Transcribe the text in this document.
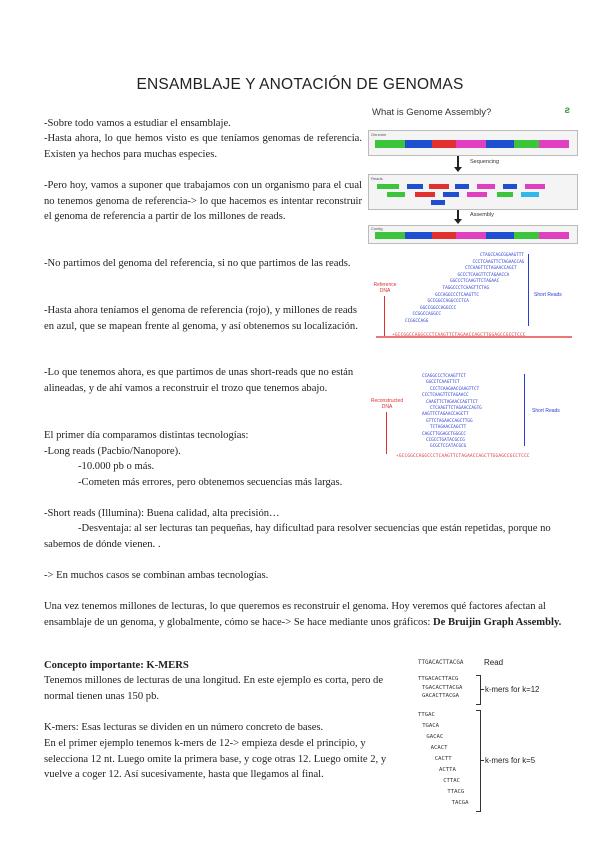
ENSAMBLAJE Y ANOTACIÓN DE GENOMAS

-Sobre todo vamos a estudiar el ensamblaje.

-Hasta ahora, lo que hemos visto es que teníamos genomas de referencia. Existen ya hechos para muchas especies.

-Pero hoy, vamos a suponer que trabajamos con un organismo para el cual no tenemos genoma de referencia-> lo que hacemos es intentar reconstruir el genoma de referencia a partir de los millones de reads.

-No partimos del genoma del referencia, si no que partimos de las reads.

-Hasta ahora teníamos el genoma de referencia (rojo), y millones de reads en azul, que se mapean frente al genoma, y así obtenemos su localización.

-Lo que tenemos ahora, es que partimos de unas short-reads que no están alineadas, y de ahí vamos a reconstruir el trozo que tenemos abajo.

El primer día comparamos distintas tecnologías:

-Long reads (Pacbio/Nanopore).

-10.000 pb o más.

-Cometen más errores, pero obtenemos secuencias más largas.

-Short reads (Illumina): Buena calidad, alta precisión…

-Desventaja: al ser lecturas tan pequeñas, hay dificultad para resolver secuencias que están repetidas, porque no sabemos de dónde vienen. .

-> En muchos casos se combinan ambas tecnologías.

Una vez tenemos millones de lecturas, lo que queremos es reconstruir el genoma. Hoy veremos qué factores afectan al ensamblaje de un genoma, y globalmente, cómo se hace-> Se hace mediante unos gráficos: De Bruijin Graph Assembly.

Concepto importante: K-MERS

Tenemos millones de lecturas de una longitud. En este ejemplo es corta, pero de normal tienen unas 150 pb.

K-mers: Esas lecturas se dividen en un número concreto de bases.

En el primer ejemplo tenemos k-mers de 12-> empieza desde el principio, y selecciona 12 nt. Luego omite la primera base, y coge otras 12. Luego omite 2, y vuelve a coger 12. Así sucesivamente, hasta que llegamos al final.

What is Genome Assembly?	ƨ
Genome
Sequencing
Reads
Assembly
Contig
Reference
DNA
Short Reads
CTAGCCAGCGGAAGTTT
CCCTCAAGTTCTAGAACCAG
CTCAAGTTCTAGAACCAGCT
GCCCTCAAGTTCTAGAACCA
GGCCCTCAAGTTCTAGAAC
TAGGCCCTCAAGTTCTAG
GCCAGGCCCTCAAGTTC
GCCGGCCAGGCCCTCA
GGCCGGCCAGGCCC
CCGGCCAGGCC
CCGGCCAGG
+GCCGGCCAGGCCCTCAAGTTCTAGAACCAGCTTGGAGCCGCCTCCC
Reconstructed
DNA
Short Reads
CCAGGCCCTCAAGTTCT
GGCCTCAAGTTCT
CCCTCAAGAACCAAGTTCT
CCCTCAAGTTCTAGAACC
CAAGTTCTAGAACCAGTTCT
CTCAAGTTCTAGAACCAGTG
AAGTTCTAGAACCAGCTT
GTTCTAGAACCAGCTTGG
TCTAGAACCAGCTT
CAGCTTGGAGCTGGGCC
CCGCCTGATACGCCG
GCGCTCCATACGCG
+GCCGGCCAGGCCCTCAAGTTCTAGAACCAGCTTGGAGCCGCCTCCC
TTGACACTTACGA	Read
TTGACACTTACG
TGACACTTACGA
GACACTTACGA
k-mers for k=12
TTGAC
TGACA
GACAC
ACACT
CACTT
ACTTA
CTTAC
TTACG
TACGA
k-mers for k=5
